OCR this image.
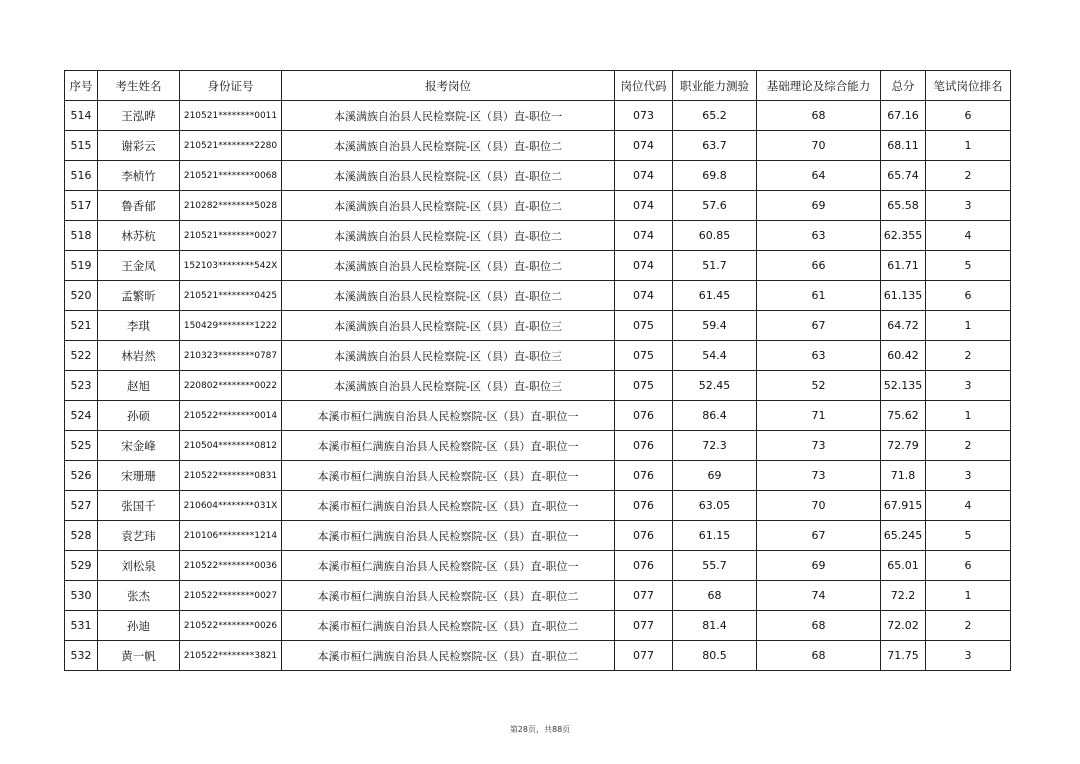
序号	考生姓名	身份证号	报考岗位	岗位代码	职业能力测验	基础理论及综合能力	总分	笔试岗位排名
514	王泓晔	210521********0011	本溪满族自治县人民检察院-区（县）直-职位一	073	65.2	68	67.16	6
515	谢彩云	210521********2280	本溪满族自治县人民检察院-区（县）直-职位二	074	63.7	70	68.11	1
516	李桢竹	210521********0068	本溪满族自治县人民检察院-区（县）直-职位二	074	69.8	64	65.74	2
517	鲁香郁	210282********5028	本溪满族自治县人民检察院-区（县）直-职位二	074	57.6	69	65.58	3
518	林苏杭	210521********0027	本溪满族自治县人民检察院-区（县）直-职位二	074	60.85	63	62.355	4
519	王金凤	152103********542X	本溪满族自治县人民检察院-区（县）直-职位二	074	51.7	66	61.71	5
520	孟繁昕	210521********0425	本溪满族自治县人民检察院-区（县）直-职位二	074	61.45	61	61.135	6
521	李琪	150429********1222	本溪满族自治县人民检察院-区（县）直-职位三	075	59.4	67	64.72	1
522	林岩然	210323********0787	本溪满族自治县人民检察院-区（县）直-职位三	075	54.4	63	60.42	2
523	赵旭	220802********0022	本溪满族自治县人民检察院-区（县）直-职位三	075	52.45	52	52.135	3
524	孙硕	210522********0014	本溪市桓仁满族自治县人民检察院-区（县）直-职位一	076	86.4	71	75.62	1
525	宋金峰	210504********0812	本溪市桓仁满族自治县人民检察院-区（县）直-职位一	076	72.3	73	72.79	2
526	宋珊珊	210522********0831	本溪市桓仁满族自治县人民检察院-区（县）直-职位一	076	69	73	71.8	3
527	张国千	210604********031X	本溪市桓仁满族自治县人民检察院-区（县）直-职位一	076	63.05	70	67.915	4
528	袁艺玮	210106********1214	本溪市桓仁满族自治县人民检察院-区（县）直-职位一	076	61.15	67	65.245	5
529	刘松泉	210522********0036	本溪市桓仁满族自治县人民检察院-区（县）直-职位一	076	55.7	69	65.01	6
530	张杰	210522********0027	本溪市桓仁满族自治县人民检察院-区（县）直-职位二	077	68	74	72.2	1
531	孙迪	210522********0026	本溪市桓仁满族自治县人民检察院-区（县）直-职位二	077	81.4	68	72.02	2
532	黄一帆	210522********3821	本溪市桓仁满族自治县人民检察院-区（县）直-职位二	077	80.5	68	71.75	3
第28页，共88页
